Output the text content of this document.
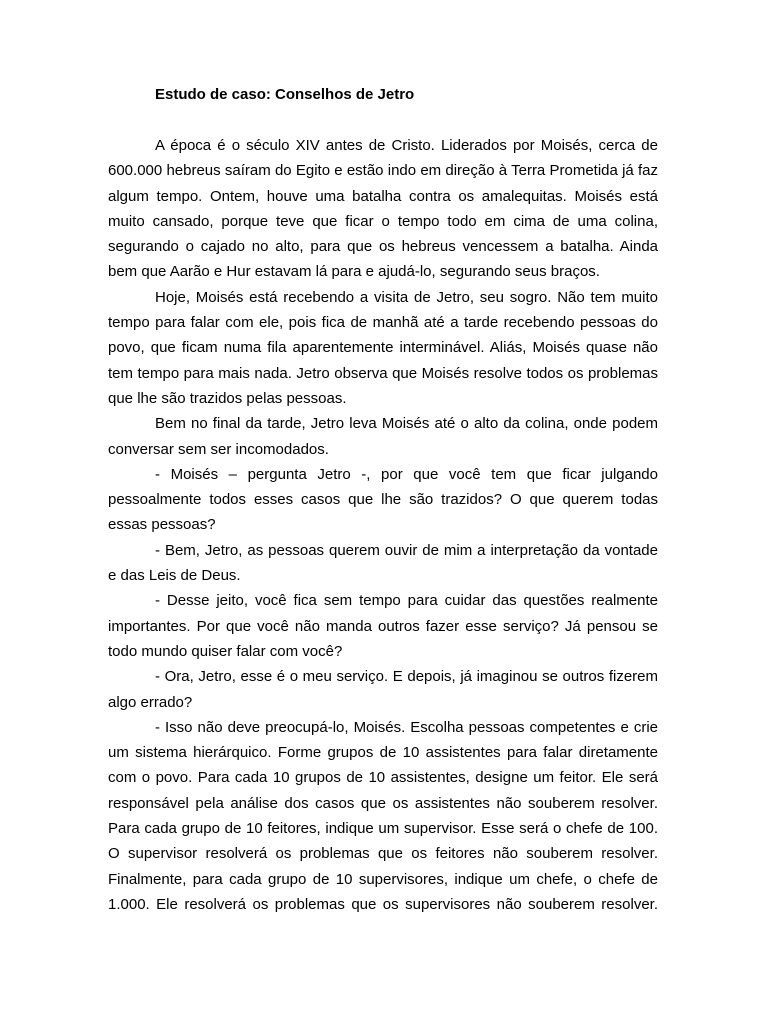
Estudo de caso: Conselhos de Jetro

A época é o século XIV antes de Cristo. Liderados por Moisés, cerca de 600.000 hebreus saíram do Egito e estão indo em direção à Terra Prometida já faz algum tempo. Ontem, houve uma batalha contra os amalequitas. Moisés está muito cansado, porque teve que ficar o tempo todo em cima de uma colina, segurando o cajado no alto, para que os hebreus vencessem a batalha. Ainda bem que Aarão e Hur estavam lá para e ajudá-lo, segurando seus braços.

Hoje, Moisés está recebendo a visita de Jetro, seu sogro. Não tem muito tempo para falar com ele, pois fica de manhã até a tarde recebendo pessoas do povo, que ficam numa fila aparentemente interminável. Aliás, Moisés quase não tem tempo para mais nada. Jetro observa que Moisés resolve todos os problemas que lhe são trazidos pelas pessoas.

Bem no final da tarde, Jetro leva Moisés até o alto da colina, onde podem conversar sem ser incomodados.

- Moisés – pergunta Jetro -, por que você tem que ficar julgando pessoalmente todos esses casos que lhe são trazidos? O que querem todas essas pessoas?

- Bem, Jetro, as pessoas querem ouvir de mim a interpretação da vontade e das Leis de Deus.

- Desse jeito, você fica sem tempo para cuidar das questões realmente importantes. Por que você não manda outros fazer esse serviço? Já pensou se todo mundo quiser falar com você?

- Ora, Jetro, esse é o meu serviço. E depois, já imaginou se outros fizerem algo errado?

- Isso não deve preocupá-lo, Moisés. Escolha pessoas competentes e crie um sistema hierárquico. Forme grupos de 10 assistentes para falar diretamente com o povo. Para cada 10 grupos de 10 assistentes, designe um feitor. Ele será responsável pela análise dos casos que os assistentes não souberem resolver. Para cada grupo de 10 feitores, indique um supervisor. Esse será o chefe de 100. O supervisor resolverá os problemas que os feitores não souberem resolver. Finalmente, para cada grupo de 10 supervisores, indique um chefe, o chefe de 1.000. Ele resolverá os problemas que os supervisores não souberem resolver.
